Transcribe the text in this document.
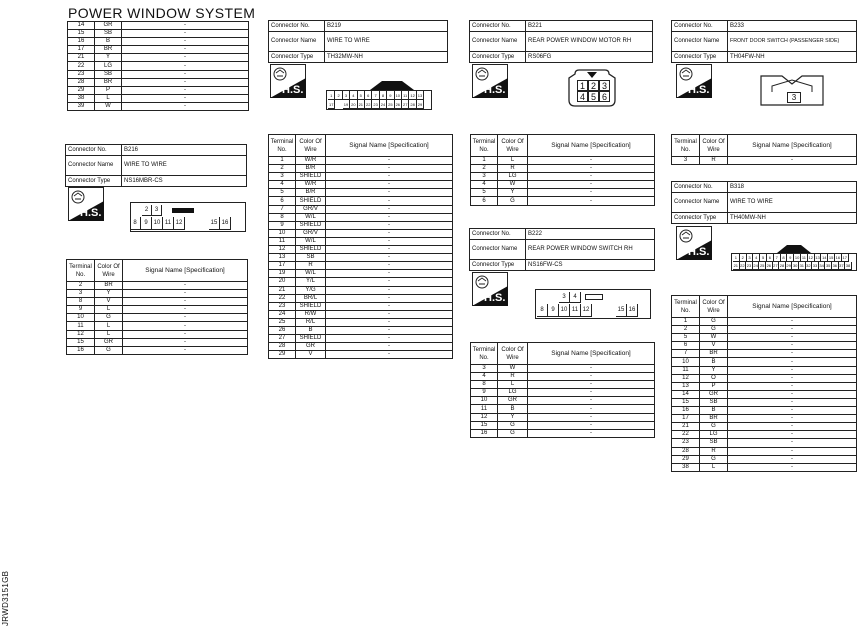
POWER WINDOW SYSTEM
JRWD3151GB
14	GR	-
15	SB	-
16	B	-
17	BR	-
21	Y	-
22	LG	-
23	SB	-
28	BR	-
29	P	-
38	L	-
39	W	-
Connector No.	B216
Connector Name	WIRE TO WIRE
Connector Type	NS16MBR-CS
H.S.	2	3
8	9 10 11 12	15 16
Terminal No.	Color Of Wire	Signal Name [Specification]
2	BR	-
3	Y	-
8	V	-
9	L	-
10	G	-
11	L	-
12	L	-
15	GR	-
16	G	-
Connector No.	B219
Connector Name	WIRE TO WIRE
Connector Type	TH32MW-NH
H.S.	1	2	3	4	5	6	7	8	9	10 11 12 13
17	19 20 21 22 23 24 25 26 27 28 29
Terminal No.	Color Of Wire	Signal Name [Specification]
1	W/R	-
2	B/R	-
3	SHIELD	-
4	W/R	-
5	B/R	-
6	SHIELD	-
7	GR/V	-
8	W/L	-
9	SHIELD	-
10	GR/V	-
11	W/L	-
12	SHIELD	-
13	SB	-
17	R	-
19	W/L	-
20	Y/L	-
21	Y/G	-
22	BR/L	-
23	SHIELD	-
24	R/W	-
25	R/L	-
26	B	-
27	SHIELD	-
28	GR	-
29	V	-
Connector No.	B221
Connector Name	REAR POWER WINDOW MOTOR RH
Connector Type	RS06FG
H.S.	1 2 3
4 5 6
Terminal No.	Color Of Wire	Signal Name [Specification]
1	L	-
2	R	-
3	LG	-
4	W	-
5	Y	-
6	G	-
Connector No.	B222
Connector Name	REAR POWER WINDOW SWITCH RH
Connector Type	NS16FW-CS
H.S.	3	4
8	9 10 11 12	15 16
Terminal No.	Color Of Wire	Signal Name [Specification]
3	W	-
4	R	-
8	L	-
9	LG	-
10	GR	-
11	B	-
12	Y	-
15	G	-
16	G	-
Connector No.	B233
Connector Name	FRONT DOOR SWITCH (PASSENGER SIDE)
Connector Type	TH04FW-NH
H.S.
3
Terminal No.	Color Of Wire	Signal Name [Specification]
3	R	-
Connector No.	B318
Connector Name	WIRE TO WIRE
Connector Type	TH40MW-NH
H.S.	1	2	3	4	5	6	7	8	9 10 11 12 13 14 15 16 17
21 22 23 24 25 26 27 28 29 30 31 32 33 34 35 36 37 38
Terminal No.	Color Of Wire	Signal Name [Specification]
1	G	-
2	G	-
5	W	-
6	V	-
7	BR	-
10	B	-
11	Y	-
12	O	-
13	P	-
14	GR	-
15	SB	-
16	B	-
17	BR	-
21	G	-
22	LG	-
23	SB	-
28	R	-
29	G	-
38	L	-
